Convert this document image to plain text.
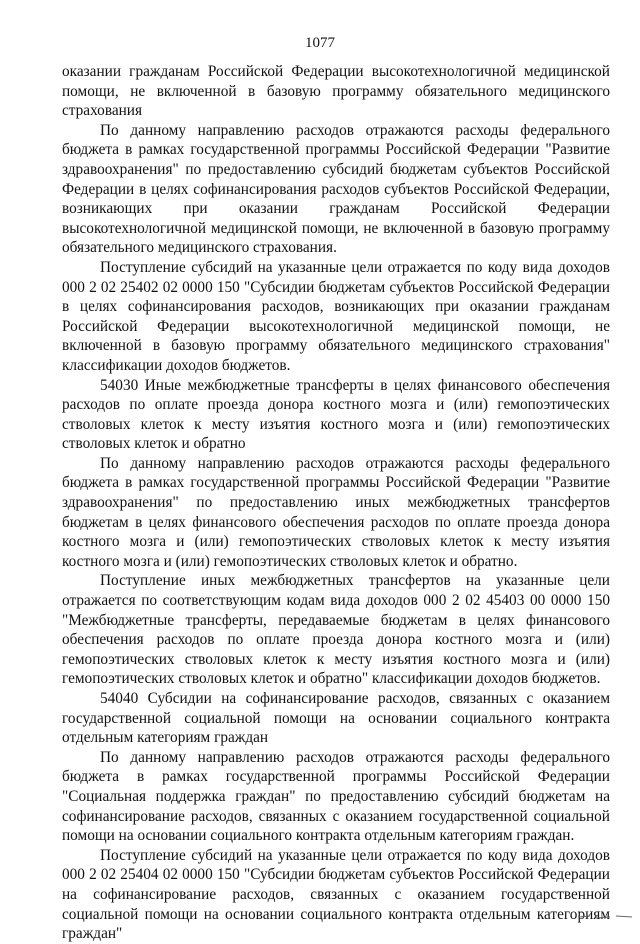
1077

оказании гражданам Российской Федерации высокотехнологичной медицинской помощи, не включенной в базовую программу обязательного медицинского страхования

По данному направлению расходов отражаются расходы федерального бюджета в рамках государственной программы Российской Федерации "Развитие здравоохранения" по предоставлению субсидий бюджетам субъектов Российской Федерации в целях софинансирования расходов субъектов Российской Федерации, возникающих при оказании гражданам Российской Федерации высокотехнологичной медицинской помощи, не включенной в базовую программу обязательного медицинского страхования.

Поступление субсидий на указанные цели отражается по коду вида доходов 000 2 02 25402 02 0000 150 "Субсидии бюджетам субъектов Российской Федерации в целях софинансирования расходов, возникающих при оказании гражданам Российской Федерации высокотехнологичной медицинской помощи, не включенной в базовую программу обязательного медицинского страхования" классификации доходов бюджетов.

54030 Иные межбюджетные трансферты в целях финансового обеспечения расходов по оплате проезда донора костного мозга и (или) гемопоэтических стволовых клеток к месту изъятия костного мозга и (или) гемопоэтических стволовых клеток и обратно

По данному направлению расходов отражаются расходы федерального бюджета в рамках государственной программы Российской Федерации "Развитие здравоохранения" по предоставлению иных межбюджетных трансфертов бюджетам в целях финансового обеспечения расходов по оплате проезда донора костного мозга и (или) гемопоэтических стволовых клеток к месту изъятия костного мозга и (или) гемопоэтических стволовых клеток и обратно.

Поступление иных межбюджетных трансфертов на указанные цели отражается по соответствующим кодам вида доходов 000 2 02 45403 00 0000 150 "Межбюджетные трансферты, передаваемые бюджетам в целях финансового обеспечения расходов по оплате проезда донора костного мозга и (или) гемопоэтических стволовых клеток к месту изъятия костного мозга и (или) гемопоэтических стволовых клеток и обратно" классификации доходов бюджетов.

54040 Субсидии на софинансирование расходов, связанных с оказанием государственной социальной помощи на основании социального контракта отдельным категориям граждан

По данному направлению расходов отражаются расходы федерального бюджета в рамках государственной программы Российской Федерации "Социальная поддержка граждан" по предоставлению субсидий бюджетам на софинансирование расходов, связанных с оказанием государственной социальной помощи на основании социального контракта отдельным категориям граждан.

Поступление субсидий на указанные цели отражается по коду вида доходов 000 2 02 25404 02 0000 150 "Субсидии бюджетам субъектов Российской Федерации на софинансирование расходов, связанных с оказанием государственной социальной помощи на основании социального контракта отдельным категориям граждан"
